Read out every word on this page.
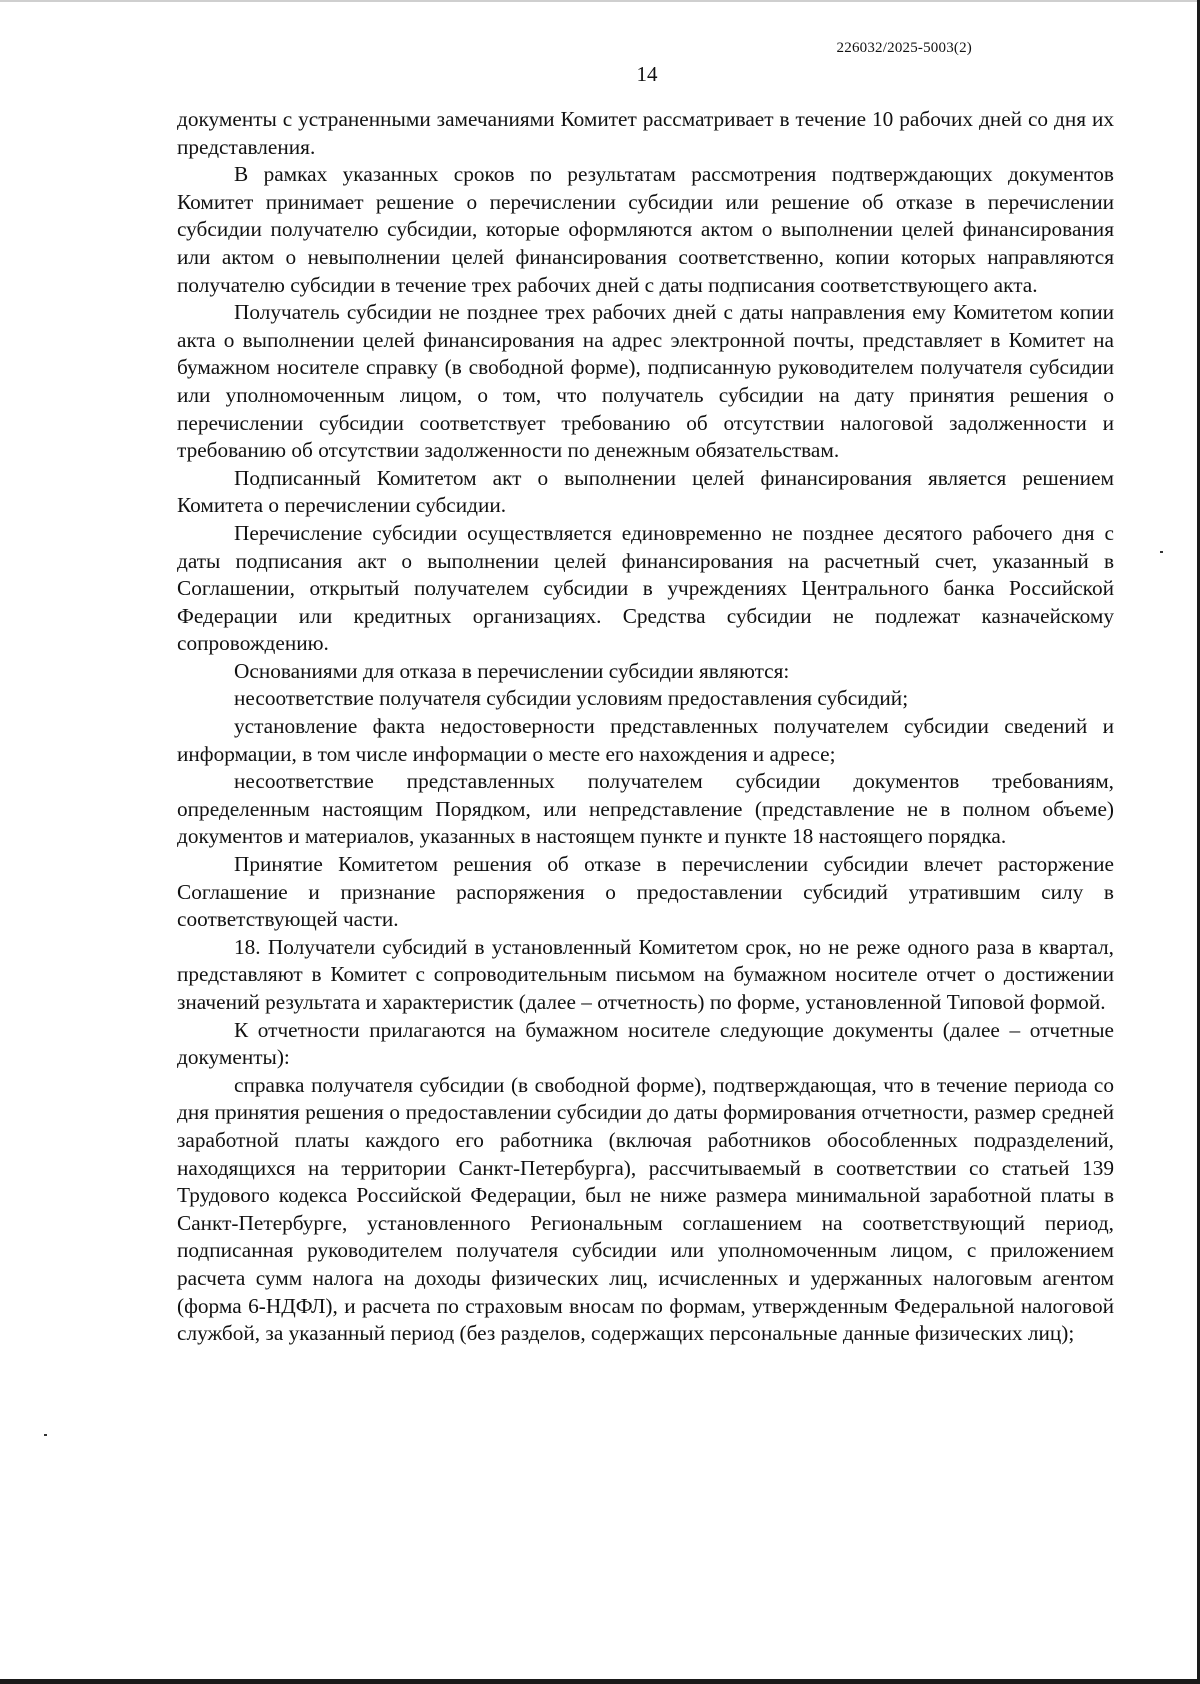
226032/2025-5003(2)
14

документы с устраненными замечаниями Комитет рассматривает в течение 10 рабочих дней со дня их представления.

В рамках указанных сроков по результатам рассмотрения подтверждающих документов Комитет принимает решение о перечислении субсидии или решение об отказе в перечислении субсидии получателю субсидии, которые оформляются актом о выполнении целей финансирования или актом о невыполнении целей финансирования соответственно, копии которых направляются получателю субсидии в течение трех рабочих дней с даты подписания соответствующего акта.

Получатель субсидии не позднее трех рабочих дней с даты направления ему Комитетом копии акта о выполнении целей финансирования на адрес электронной почты, представляет в Комитет на бумажном носителе справку (в свободной форме), подписанную руководителем получателя субсидии или уполномоченным лицом, о том, что получатель субсидии на дату принятия решения о перечислении субсидии соответствует требованию об отсутствии налоговой задолженности и требованию об отсутствии задолженности по денежным обязательствам.

Подписанный Комитетом акт о выполнении целей финансирования является решением Комитета о перечислении субсидии.

Перечисление субсидии осуществляется единовременно не позднее десятого рабочего дня с даты подписания акт о выполнении целей финансирования на расчетный счет, указанный в Соглашении, открытый получателем субсидии в учреждениях Центрального банка Российской Федерации или кредитных организациях. Средства субсидии не подлежат казначейскому сопровождению.

Основаниями для отказа в перечислении субсидии являются:

несоответствие получателя субсидии условиям предоставления субсидий;

установление факта недостоверности представленных получателем субсидии сведений и информации, в том числе информации о месте его нахождения и адресе;

несоответствие представленных получателем субсидии документов требованиям, определенным настоящим Порядком, или непредставление (представление не в полном объеме) документов и материалов, указанных в настоящем пункте и пункте 18 настоящего порядка.

Принятие Комитетом решения об отказе в перечислении субсидии влечет расторжение Соглашение и признание распоряжения о предоставлении субсидий утратившим силу в соответствующей части.

18. Получатели субсидий в установленный Комитетом срок, но не реже одного раза в квартал, представляют в Комитет с сопроводительным письмом на бумажном носителе отчет о достижении значений результата и характеристик (далее – отчетность) по форме, установленной Типовой формой.

К отчетности прилагаются на бумажном носителе следующие документы (далее – отчетные документы):

справка получателя субсидии (в свободной форме), подтверждающая, что в течение периода со дня принятия решения о предоставлении субсидии до даты формирования отчетности, размер средней заработной платы каждого его работника (включая работников обособленных подразделений, находящихся на территории Санкт-Петербурга), рассчитываемый в соответствии со статьей 139 Трудового кодекса Российской Федерации, был не ниже размера минимальной заработной платы в Санкт-Петербурге, установленного Региональным соглашением на соответствующий период, подписанная руководителем получателя субсидии или уполномоченным лицом, с приложением расчета сумм налога на доходы физических лиц, исчисленных и удержанных налоговым агентом (форма 6-НДФЛ), и расчета по страховым вносам по формам, утвержденным Федеральной налоговой службой, за указанный период (без разделов, содержащих персональные данные физических лиц);
